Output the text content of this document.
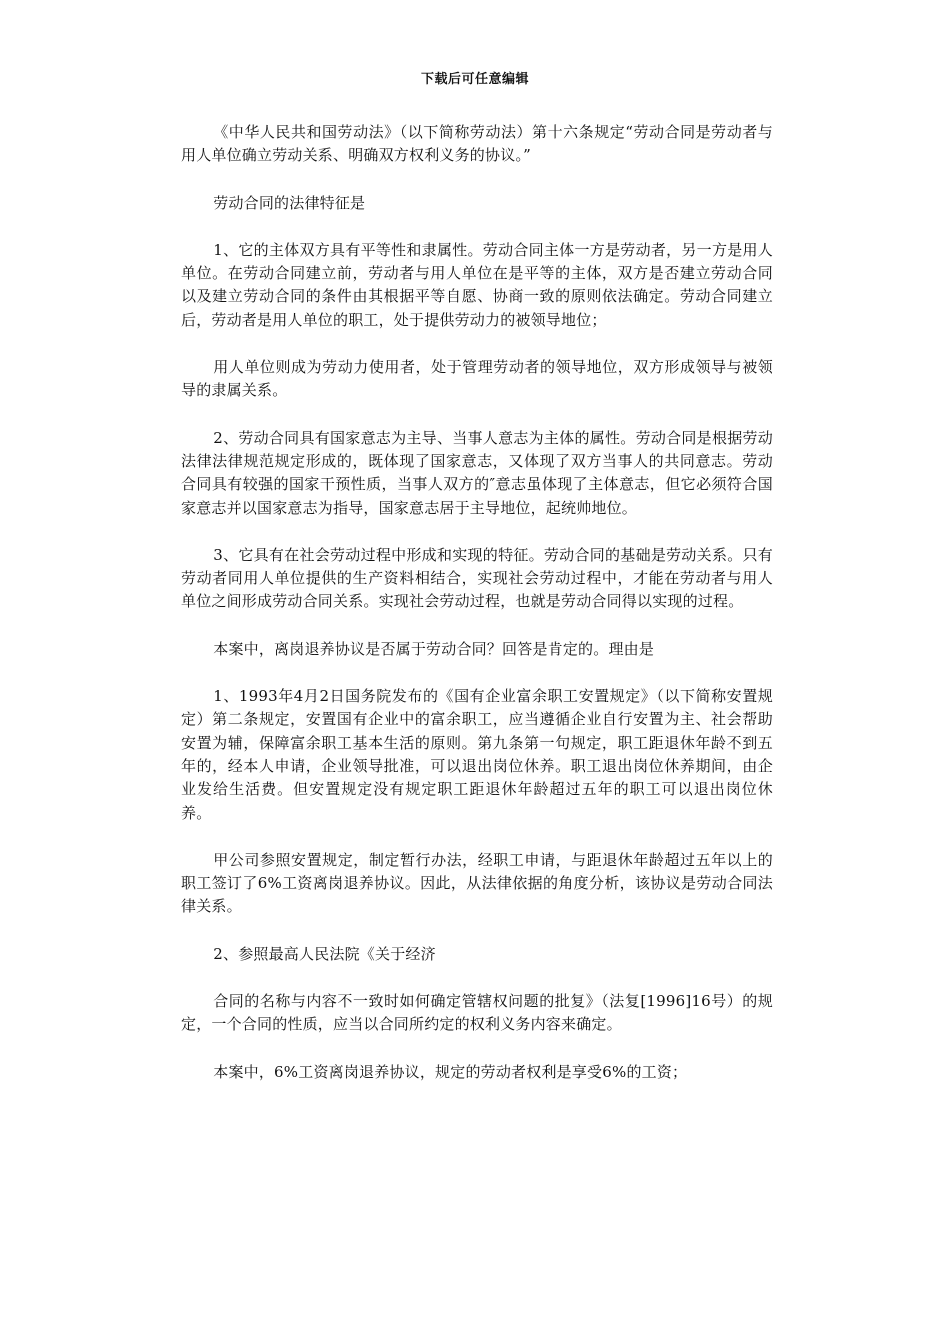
下载后可任意编辑

《中华人民共和国劳动法》（以下简称劳动法）第十六条规定“劳动合同是劳动者与用人单位确立劳动关系、明确双方权利义务的协议。”

劳动合同的法律特征是

1、它的主体双方具有平等性和隶属性。劳动合同主体一方是劳动者，另一方是用人单位。在劳动合同建立前，劳动者与用人单位在是平等的主体，双方是否建立劳动合同以及建立劳动合同的条件由其根据平等自愿、协商一致的原则依法确定。劳动合同建立后，劳动者是用人单位的职工，处于提供劳动力的被领导地位；

用人单位则成为劳动力使用者，处于管理劳动者的领导地位，双方形成领导与被领导的隶属关系。

2、劳动合同具有国家意志为主导、当事人意志为主体的属性。劳动合同是根据劳动法律法律规范规定形成的，既体现了国家意志，又体现了双方当事人的共同意志。劳动合同具有较强的国家干预性质，当事人双方的″意志虽体现了主体意志，但它必须符合国家意志并以国家意志为指导，国家意志居于主导地位，起统帅地位。

3、它具有在社会劳动过程中形成和实现的特征。劳动合同的基础是劳动关系。只有劳动者同用人单位提供的生产资料相结合，实现社会劳动过程中，才能在劳动者与用人单位之间形成劳动合同关系。实现社会劳动过程，也就是劳动合同得以实现的过程。

本案中，离岗退养协议是否属于劳动合同？回答是肯定的。理由是

1、1993年4月2日国务院发布的《国有企业富余职工安置规定》（以下简称安置规定）第二条规定，安置国有企业中的富余职工，应当遵循企业自行安置为主、社会帮助安置为辅，保障富余职工基本生活的原则。第九条第一句规定，职工距退休年龄不到五年的，经本人申请，企业领导批准，可以退出岗位休养。职工退出岗位休养期间，由企业发给生活费。但安置规定没有规定职工距退休年龄超过五年的职工可以退出岗位休养。

甲公司参照安置规定，制定暂行办法，经职工申请，与距退休年龄超过五年以上的职工签订了6%工资离岗退养协议。因此，从法律依据的角度分析，该协议是劳动合同法律关系。

2、参照最高人民法院《关于经济

合同的名称与内容不一致时如何确定管辖权问题的批复》（法复[1996]16号）的规定，一个合同的性质，应当以合同所约定的权利义务内容来确定。

本案中，6%工资离岗退养协议，规定的劳动者权利是享受6%的工资；
